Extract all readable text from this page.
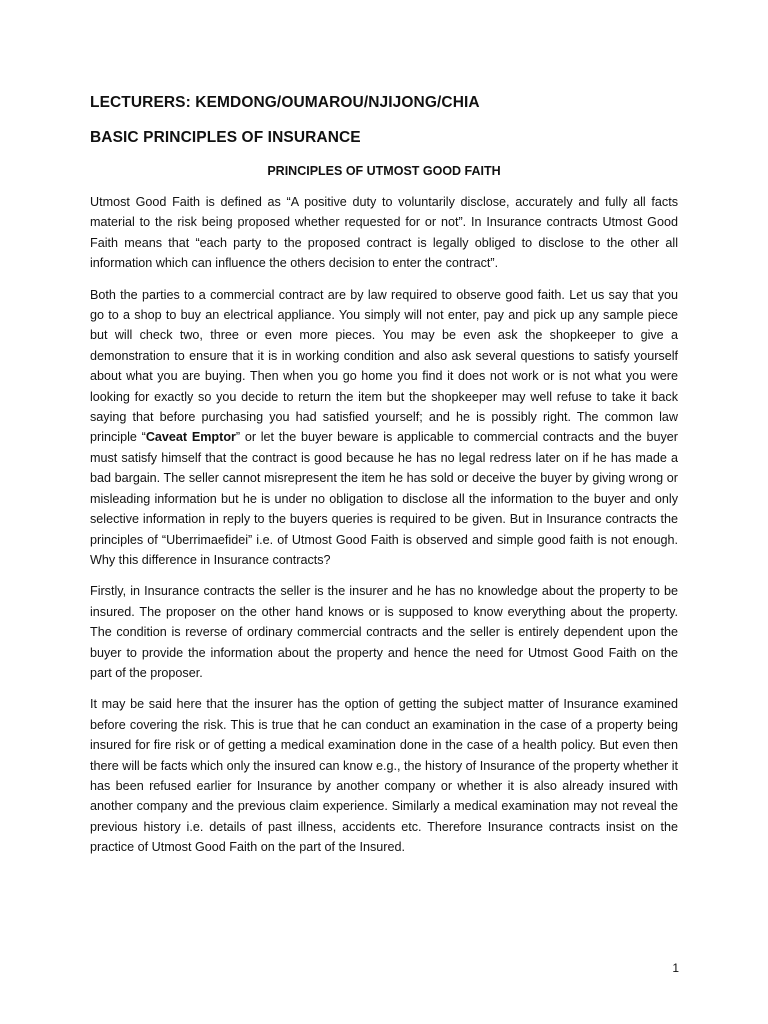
LECTURERS: KEMDONG/OUMAROU/NJIJONG/CHIA
BASIC PRINCIPLES OF INSURANCE
PRINCIPLES OF UTMOST GOOD FAITH

Utmost Good Faith is defined as “A positive duty to voluntarily disclose, accurately and fully all facts material to the risk being proposed whether requested for or not”. In Insurance contracts Utmost Good Faith means that “each party to the proposed contract is legally obliged to disclose to the other all information which can influence the others decision to enter the contract”.

Both the parties to a commercial contract are by law required to observe good faith. Let us say that you go to a shop to buy an electrical appliance. You simply will not enter, pay and pick up any sample piece but will check two, three or even more pieces. You may be even ask the shopkeeper to give a demonstration to ensure that it is in working condition and also ask several questions to satisfy yourself about what you are buying. Then when you go home you find it does not work or is not what you were looking for exactly so you decide to return the item but the shopkeeper may well refuse to take it back saying that before purchasing you had satisfied yourself; and he is possibly right. The common law principle “Caveat Emptor” or let the buyer beware is applicable to commercial contracts and the buyer must satisfy himself that the contract is good because he has no legal redress later on if he has made a bad bargain. The seller cannot misrepresent the item he has sold or deceive the buyer by giving wrong or misleading information but he is under no obligation to disclose all the information to the buyer and only selective information in reply to the buyers queries is required to be given. But in Insurance contracts the principles of “Uberrimaefidei” i.e. of Utmost Good Faith is observed and simple good faith is not enough. Why this difference in Insurance contracts?

Firstly, in Insurance contracts the seller is the insurer and he has no knowledge about the property to be insured. The proposer on the other hand knows or is supposed to know everything about the property. The condition is reverse of ordinary commercial contracts and the seller is entirely dependent upon the buyer to provide the information about the property and hence the need for Utmost Good Faith on the part of the proposer.

It may be said here that the insurer has the option of getting the subject matter of Insurance examined before covering the risk. This is true that he can conduct an examination in the case of a property being insured for fire risk or of getting a medical examination done in the case of a health policy. But even then there will be facts which only the insured can know e.g., the history of Insurance of the property whether it has been refused earlier for Insurance by another company or whether it is also already insured with another company and the previous claim experience. Similarly a medical examination may not reveal the previous history i.e. details of past illness, accidents etc. Therefore Insurance contracts insist on the practice of Utmost Good Faith on the part of the Insured.

1
